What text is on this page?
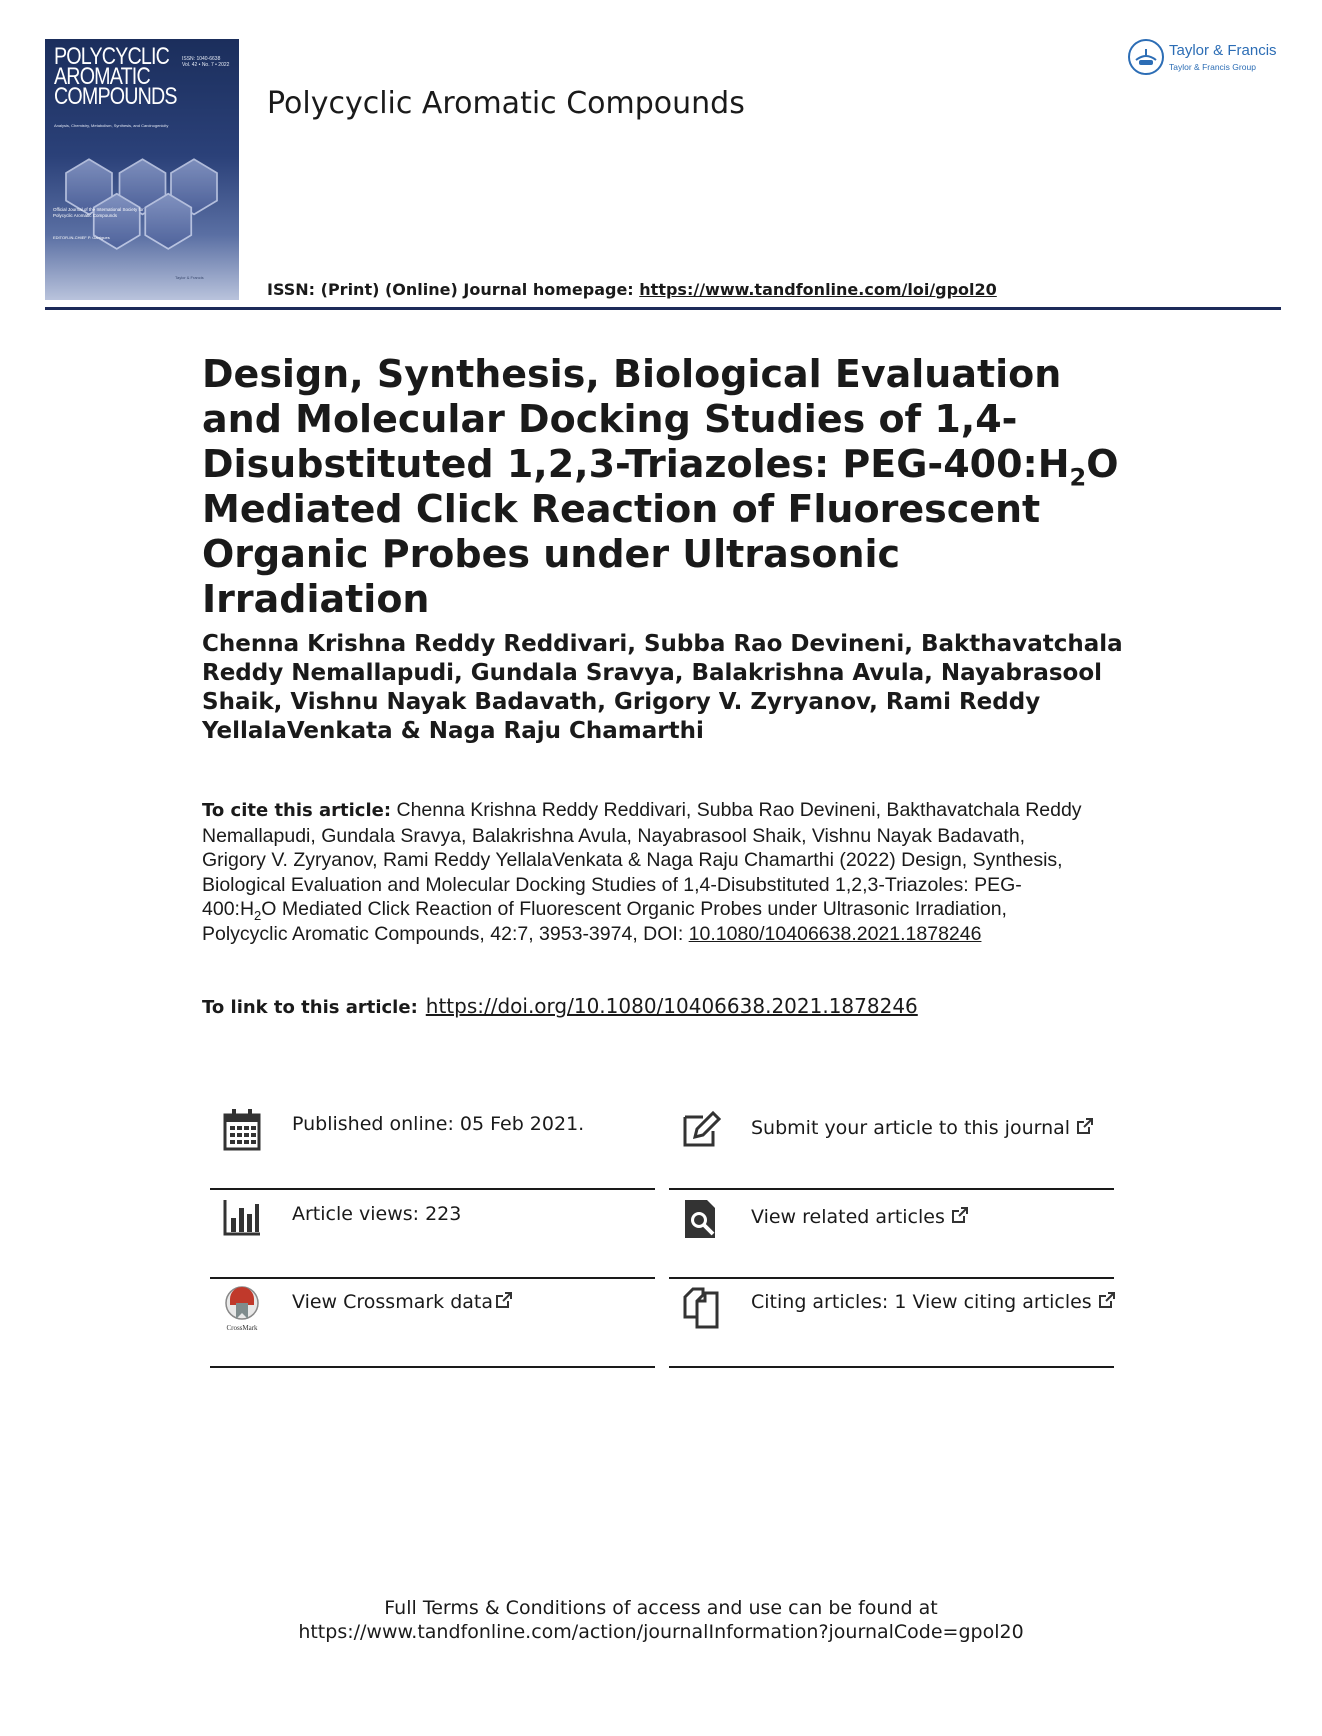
POLYCYCLIC
AROMATIC
COMPOUNDS
ISSN: 1040-6638
Vol. 42 • No. 7 • 2022
Analysis, Chemistry, Metabolism, Synthesis, and Carcinogenicity
Official Journal of the International Society for Polycyclic Aromatic Compounds
EDITOR-IN-CHIEF P. Garrigues
Taylor & Francis
Polycyclic Aromatic Compounds
Taylor & Francis
Taylor & Francis Group
ISSN: (Print) (Online) Journal homepage: https://www.tandfonline.com/loi/gpol20
Design, Synthesis, Biological Evaluation and Molecular Docking Studies of 1,4-Disubstituted 1,2,3-Triazoles: PEG-$400:H_2O$ Mediated Click Reaction of Fluorescent Organic Probes under Ultrasonic Irradiation
Chenna Krishna Reddy Reddivari, Subba Rao Devineni, Bakthavatchala Reddy Nemallapudi, Gundala Sravya, Balakrishna Avula, Nayabrasool Shaik, Vishnu Nayak Badavath, Grigory V. Zyryanov, Rami Reddy YellalaVenkata & Naga Raju Chamarthi
To cite this article: Chenna Krishna Reddy Reddivari, Subba Rao Devineni, Bakthavatchala Reddy Nemallapudi, Gundala Sravya, Balakrishna Avula, Nayabrasool Shaik, Vishnu Nayak Badavath, Grigory V. Zyryanov, Rami Reddy YellalaVenkata & Naga Raju Chamarthi (2022) Design, Synthesis, Biological Evaluation and Molecular Docking Studies of 1,4-Disubstituted 1,2,3-Triazoles: PEG-$400:H_2O$ Mediated Click Reaction of Fluorescent Organic Probes under Ultrasonic Irradiation, Polycyclic Aromatic Compounds, 42:7, 3953-3974, DOI: 10.1080/10406638.2021.1878246
To link to this article: https://doi.org/10.1080/10406638.2021.1878246
Published online: 05 Feb 2021.	Submit your article to this journal
Article views: 223	View related articles
CrossMark
View Crossmark data	Citing articles: 1 View citing articles
Full Terms & Conditions of access and use can be found at
https://www.tandfonline.com/action/journalInformation?journalCode=gpol20
